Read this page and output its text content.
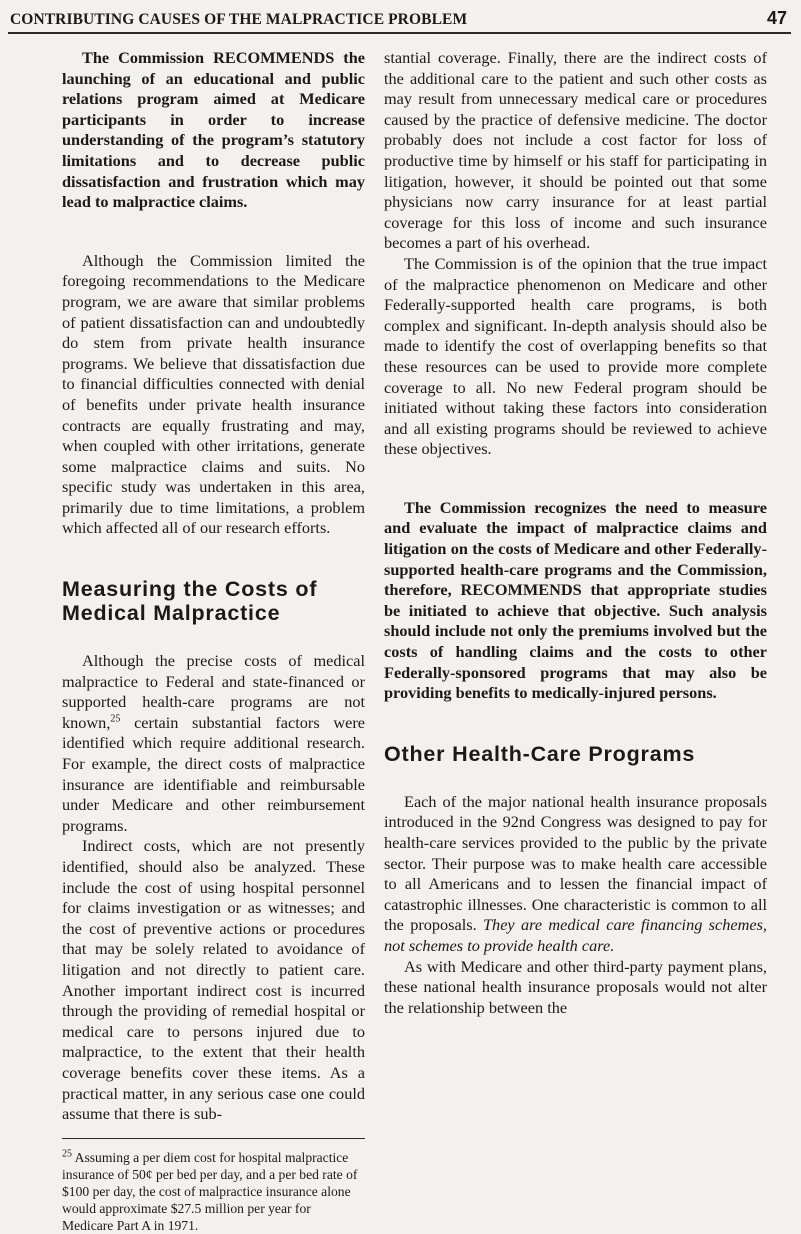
CONTRIBUTING CAUSES OF THE MALPRACTICE PROBLEM	47

The Commission RECOMMENDS the launching of an educational and public relations program aimed at Medicare participants in order to increase understanding of the program’s statutory limitations and to decrease public dissatisfaction and frustration which may lead to malpractice claims.

Although the Commission limited the foregoing recommendations to the Medicare program, we are aware that similar problems of patient dissatisfaction can and undoubtedly do stem from private health insurance programs. We believe that dissatisfaction due to financial difficulties connected with denial of benefits under private health insurance contracts are equally frustrating and may, when coupled with other irritations, generate some malpractice claims and suits. No specific study was undertaken in this area, primarily due to time limitations, a problem which affected all of our research efforts.

Measuring the Costs of Medical Malpractice

Although the precise costs of medical malpractice to Federal and state-financed or supported health-care programs are not known,$^{25}$ certain substantial factors were identified which require additional research. For example, the direct costs of malpractice insurance are identifiable and reimbursable under Medicare and other reimbursement programs.

Indirect costs, which are not presently identified, should also be analyzed. These include the cost of using hospital personnel for claims investigation or as witnesses; and the cost of preventive actions or procedures that may be solely related to avoidance of litigation and not directly to patient care. Another important indirect cost is incurred through the providing of remedial hospital or medical care to persons injured due to malpractice, to the extent that their health coverage benefits cover these items. As a practical matter, in any serious case one could assume that there is sub-

$^{25}$ Assuming a per diem cost for hospital malpractice insurance of 50¢ per bed per day, and a per bed rate of $100 per day, the cost of malpractice insurance alone would approximate $27.5 million per year for Medicare Part A in 1971.

stantial coverage. Finally, there are the indirect costs of the additional care to the patient and such other costs as may result from unnecessary medical care or procedures caused by the practice of defensive medicine. The doctor probably does not include a cost factor for loss of productive time by himself or his staff for participating in litigation, however, it should be pointed out that some physicians now carry insurance for at least partial coverage for this loss of income and such insurance becomes a part of his overhead.

The Commission is of the opinion that the true impact of the malpractice phenomenon on Medicare and other Federally-supported health care programs, is both complex and significant. In-depth analysis should also be made to identify the cost of overlapping benefits so that these resources can be used to provide more complete coverage to all. No new Federal program should be initiated without taking these factors into consideration and all existing programs should be reviewed to achieve these objectives.

The Commission recognizes the need to measure and evaluate the impact of malpractice claims and litigation on the costs of Medicare and other Federally-supported health-care programs and the Commission, therefore, RECOMMENDS that appropriate studies be initiated to achieve that objective. Such analysis should include not only the premiums involved but the costs of handling claims and the costs to other Federally-sponsored programs that may also be providing benefits to medically-injured persons.

Other Health-Care Programs

Each of the major national health insurance proposals introduced in the 92nd Congress was designed to pay for health-care services provided to the public by the private sector. Their purpose was to make health care accessible to all Americans and to lessen the financial impact of catastrophic illnesses. One characteristic is common to all the proposals. They are medical care financing schemes, not schemes to provide health care.

As with Medicare and other third-party payment plans, these national health insurance proposals would not alter the relationship between the
